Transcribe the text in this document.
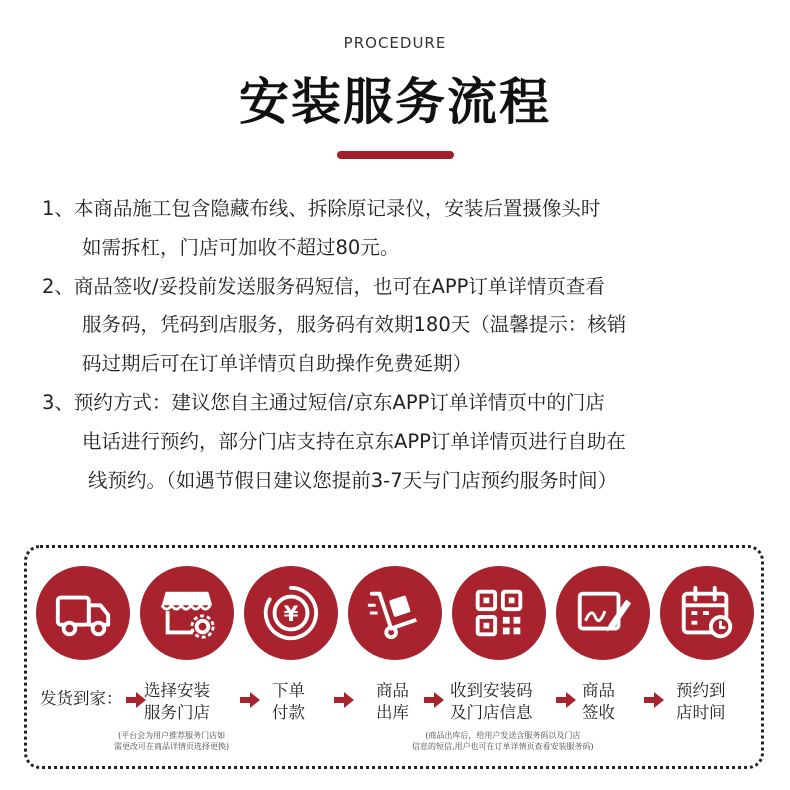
PROCEDURE
安装服务流程
1、本商品施工包含隐藏布线、拆除原记录仪，安装后置摄像头时
如需拆杠，门店可加收不超过80元。
2、商品签收/妥投前发送服务码短信，也可在APP订单详情页查看
服务码，凭码到店服务，服务码有效期180天（温馨提示：核销
码过期后可在订单详情页自助操作免费延期）
3、预约方式：建议您自主通过短信/京东APP订单详情页中的门店
电话进行预约，部分门店支持在京东APP订单详情页进行自助在
线预约。（如遇节假日建议您提前3-7天与门店预约服务时间）
¥
发货到家： 选择安装
服务门店
下单
付款
商品
出库
收到安装码
及门店信息
商品
签收
预约到
店时间
(平台会为用户推荐服务门店如
需更改可在商品详情页选择更换)
(商品出库后，给用户发送含服务码以及门店
信息的短信,用户也可在订单详情页查看安装服务码)
